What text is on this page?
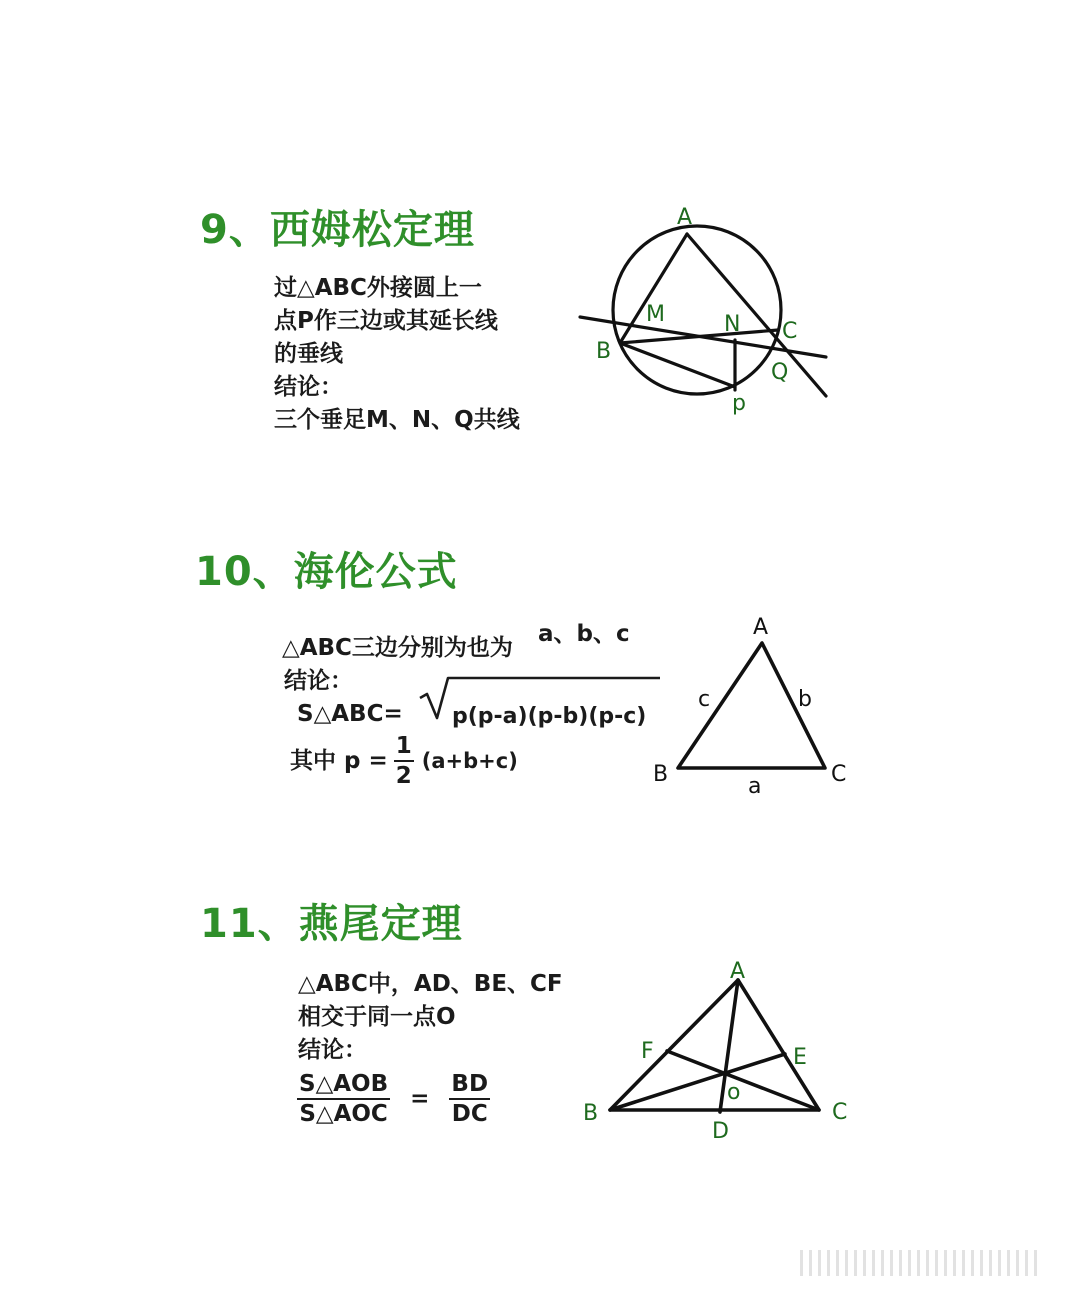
9、西姆松定理
过△ABC外接圆上一
点P作三边或其延长线
的垂线
结论：
三个垂足M、N、Q共线
A
B
C
M	N
Q
p
10、海伦公式
△ABC三边分别为也为
a、b、c
结论：
S△ABC= p(p-a)(p-b)(p-c)
其中 $p = \frac{1}{2} (a+b+c)$
A
B	C
a
b
c
11、燕尾定理
△ABC中，AD、BE、CF
相交于同一点O
结论：
$\frac{\text{S△AOB}}{\text{S△AOC}} = \frac{BD}{DC}$
A
B	C
D
E
F
o
